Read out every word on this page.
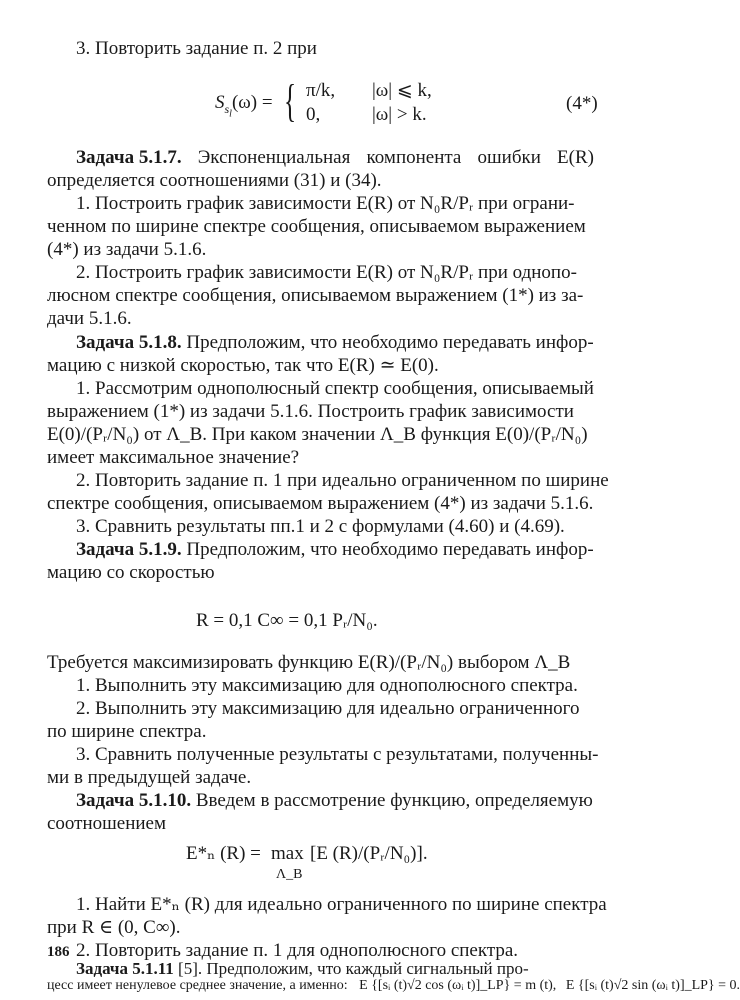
3. Повторить задание п. 2 при
$S_{s_l}(\omega)$ = { π/k, |ω| ⩽ k,
0,	|ω| > k.
(4*)
Задача 5.1.7. Экспоненциальная компонента ошибки E(R)
определяется соотношениями (31) и (34).
1. Построить график зависимости E(R) от N₀R/Pᵣ при ограни-
ченном по ширине спектре сообщения, описываемом выражением
(4*) из задачи 5.1.6.
2. Построить график зависимости E(R) от N₀R/Pᵣ при однопо-
люсном спектре сообщения, описываемом выражением (1*) из за-
дачи 5.1.6.
Задача 5.1.8. Предположим, что необходимо передавать инфор-
мацию с низкой скоростью, так что E(R) ≃ E(0).
1. Рассмотрим однополюсный спектр сообщения, описываемый
выражением (1*) из задачи 5.1.6. Построить график зависимости
E(0)/(Pᵣ/N₀) от Λ_B. При каком значении Λ_B функция E(0)/(Pᵣ/N₀)
имеет максимальное значение?
2. Повторить задание п. 1 при идеально ограниченном по ширине
спектре сообщения, описываемом выражением (4*) из задачи 5.1.6.
3. Сравнить результаты пп.1 и 2 с формулами (4.60) и (4.69).
Задача 5.1.9. Предположим, что необходимо передавать инфор-
мацию со скоростью
R = 0,1 C∞ = 0,1 Pᵣ/N₀.
Требуется максимизировать функцию E(R)/(Pᵣ/N₀) выбором Λ_B
1. Выполнить эту максимизацию для однополюсного спектра.
2. Выполнить эту максимизацию для идеально ограниченного
по ширине спектра.
3. Сравнить полученные результаты с результатами, полученны-
ми в предыдущей задаче.
Задача 5.1.10. Введем в рассмотрение функцию, определяемую
соотношением
E*ₙ (R) = max
Λ_B
[E (R)/(Pᵣ/N₀)].
1. Найти E*ₙ (R) для идеально ограниченного по ширине спектра
при R ∈ (0, C∞).
2. Повторить задание п. 1 для однополюсного спектра.
Задача 5.1.11 [5]. Предположим, что каждый сигнальный про-
цесс имеет ненулевое среднее значение, а именно: E {[sᵢ (t)√2 cos (ωᵢ t)]_LP} = m (t), E {[sᵢ (t)√2 sin (ωᵢ t)]_LP} = 0.
186
